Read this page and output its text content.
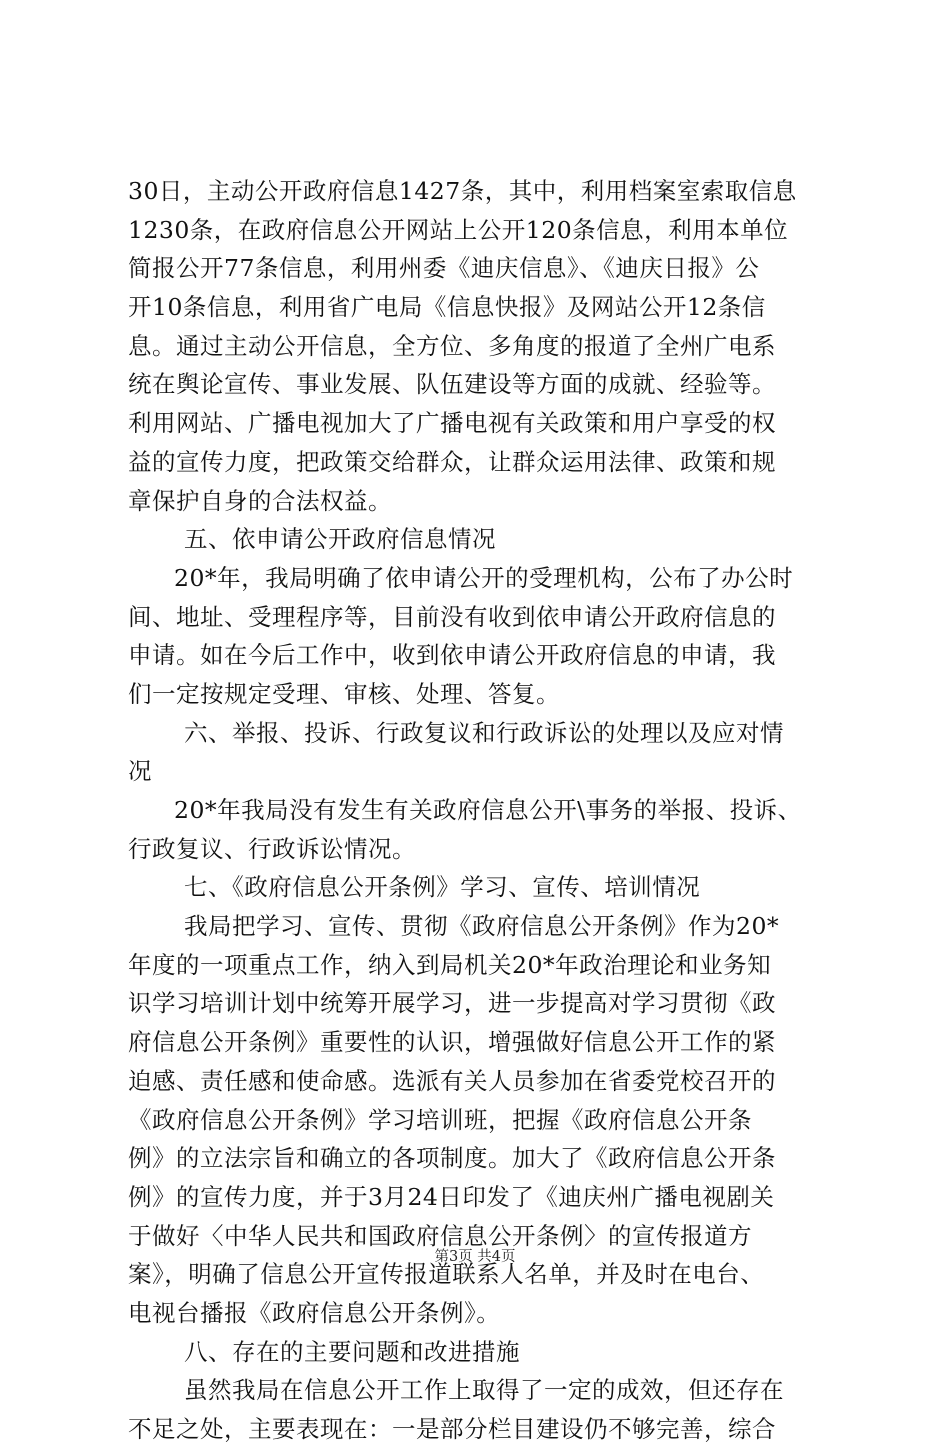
30日，主动公开政府信息1427条，其中，利用档案室索取信息
1230条，在政府信息公开网站上公开120条信息，利用本单位
简报公开77条信息，利用州委《迪庆信息》、《迪庆日报》公
开10条信息，利用省广电局《信息快报》及网站公开12条信
息。通过主动公开信息，全方位、多角度的报道了全州广电系
统在舆论宣传、事业发展、队伍建设等方面的成就、经验等。
利用网站、广播电视加大了广播电视有关政策和用户享受的权
益的宣传力度，把政策交给群众，让群众运用法律、政策和规
章保护自身的合法权益。
五、依申请公开政府信息情况
20*年，我局明确了依申请公开的受理机构，公布了办公时
间、地址、受理程序等，目前没有收到依申请公开政府信息的
申请。如在今后工作中，收到依申请公开政府信息的申请，我
们一定按规定受理、审核、处理、答复。
六、举报、投诉、行政复议和行政诉讼的处理以及应对情
况
20*年我局没有发生有关政府信息公开\事务的举报、投诉、
行政复议、行政诉讼情况。
七、《政府信息公开条例》学习、宣传、培训情况
我局把学习、宣传、贯彻《政府信息公开条例》作为20*
年度的一项重点工作，纳入到局机关20*年政治理论和业务知
识学习培训计划中统筹开展学习，进一步提高对学习贯彻《政
府信息公开条例》重要性的认识，增强做好信息公开工作的紧
迫感、责任感和使命感。选派有关人员参加在省委党校召开的
《政府信息公开条例》学习培训班，把握《政府信息公开条
例》的立法宗旨和确立的各项制度。加大了《政府信息公开条
例》的宣传力度，并于3月24日印发了《迪庆州广播电视剧关
于做好〈中华人民共和国政府信息公开条例〉的宣传报道方
案》，明确了信息公开宣传报道联系人名单，并及时在电台、
电视台播报《政府信息公开条例》。
八、存在的主要问题和改进措施
虽然我局在信息公开工作上取得了一定的成效，但还存在
不足之处，主要表现在：一是部分栏目建设仍不够完善，综合
第3页 共4页
